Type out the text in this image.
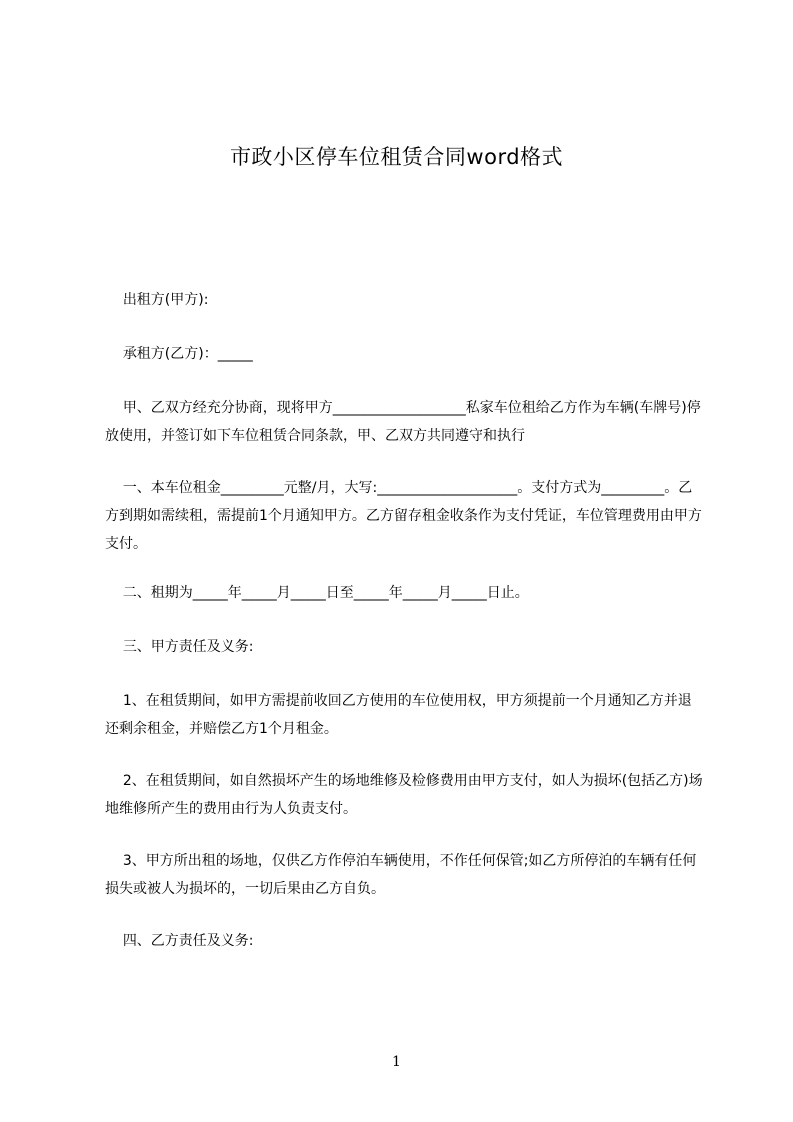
市政小区停车位租赁合同word格式
出租方(甲方):
承租方(乙方)：_____
甲、乙双方经充分协商，现将甲方___________________私家车位租给乙方作为车辆(车牌号)停放使用，并签订如下车位租赁合同条款，甲、乙双方共同遵守和执行
一、本车位租金_________元整/月，大写:____________________。支付方式为_________。乙方到期如需续租，需提前1个月通知甲方。乙方留存租金收条作为支付凭证，车位管理费用由甲方支付。
二、租期为_____年_____月_____日至_____年_____月_____日止。
三、甲方责任及义务:
1、在租赁期间，如甲方需提前收回乙方使用的车位使用权，甲方须提前一个月通知乙方并退还剩余租金，并赔偿乙方1个月租金。
2、在租赁期间，如自然损坏产生的场地维修及检修费用由甲方支付，如人为损坏(包括乙方)场地维修所产生的费用由行为人负责支付。
3、甲方所出租的场地，仅供乙方作停泊车辆使用，不作任何保管;如乙方所停泊的车辆有任何损失或被人为损坏的，一切后果由乙方自负。
四、乙方责任及义务:
1
